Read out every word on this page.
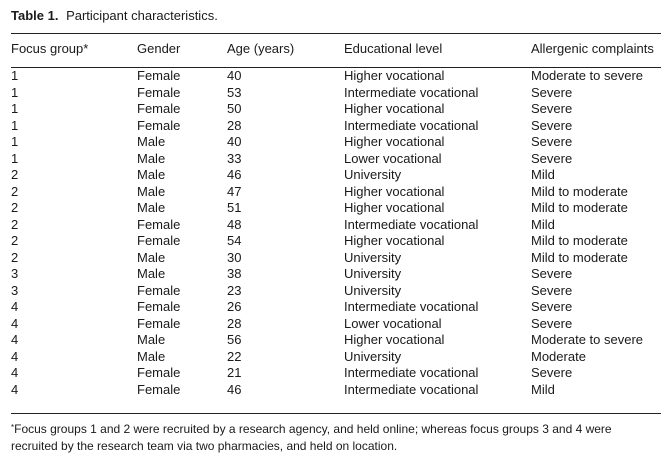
Table 1. Participant characteristics.
Focus group*	Gender	Age (years)	Educational level	Allergenic complaints

1	Female	40	Higher vocational	Moderate to severe
1	Female	53	Intermediate vocational	Severe
1	Female	50	Higher vocational	Severe
1	Female	28	Intermediate vocational	Severe
1	Male	40	Higher vocational	Severe
1	Male	33	Lower vocational	Severe
2	Male	46	University	Mild
2	Male	47	Higher vocational	Mild to moderate
2	Male	51	Higher vocational	Mild to moderate
2	Female	48	Intermediate vocational	Mild
2	Female	54	Higher vocational	Mild to moderate
2	Male	30	University	Mild to moderate
3	Male	38	University	Severe
3	Female	23	University	Severe
4	Female	26	Intermediate vocational	Severe
4	Female	28	Lower vocational	Severe
4	Male	56	Higher vocational	Moderate to severe
4	Male	22	University	Moderate
4	Female	21	Intermediate vocational	Severe
4	Female	46	Intermediate vocational	Mild
*Focus groups 1 and 2 were recruited by a research agency, and held online; whereas focus groups 3 and 4 were recruited by the research team via two pharmacies, and held on location.
